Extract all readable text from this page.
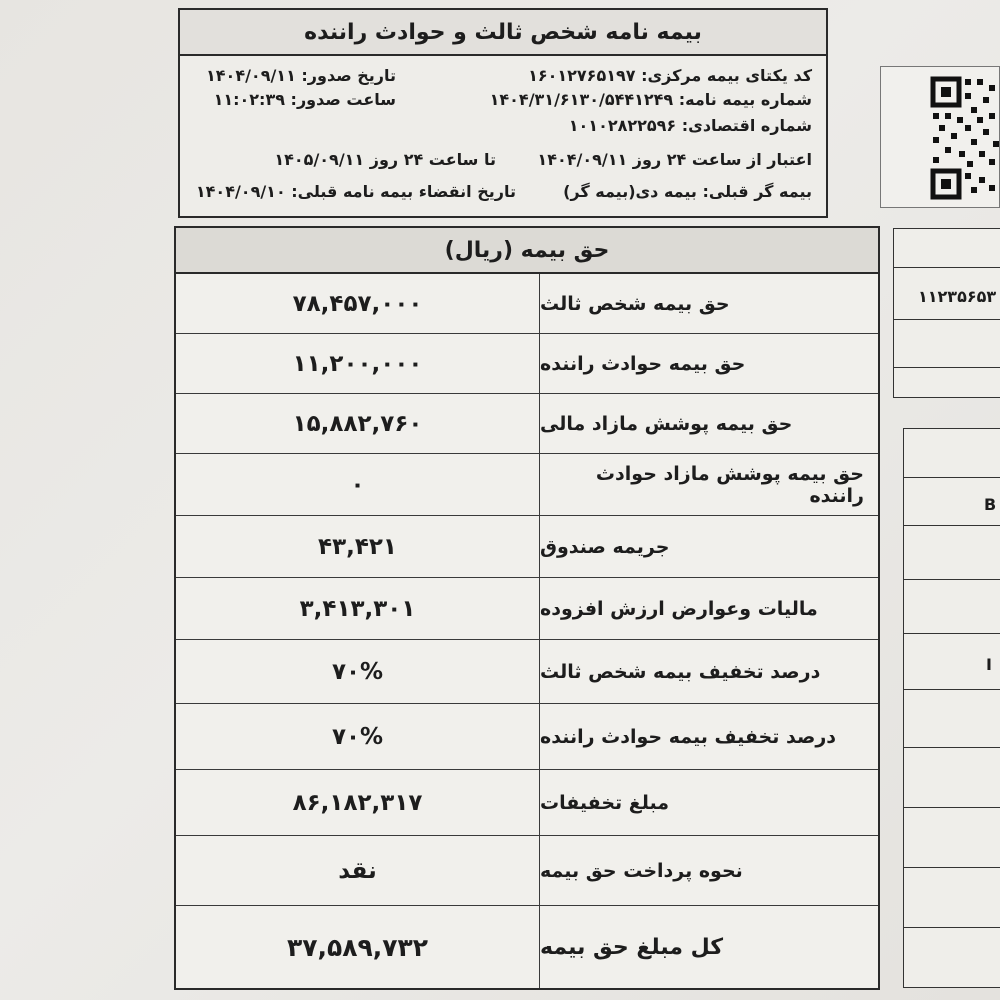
بیمه نامه شخص ثالث و حوادث راننده
کد یکتای بیمه مرکزی: ۱۶۰۱۲۷۶۵۱۹۷
تاریخ صدور: ۱۴۰۴/۰۹/۱۱
شماره بیمه نامه: ۱۴۰۴/۳۱/۶۱۳۰/۵۴۴۱۲۴۹
ساعت صدور: ۱۱:۰۲:۳۹
شماره اقتصادی: ۱۰۱۰۲۸۲۲۵۹۶
اعتبار از ساعت ۲۴ روز ۱۴۰۴/۰۹/۱۱
تا ساعت ۲۴ روز ۱۴۰۵/۰۹/۱۱
بیمه گر قبلی: بیمه دی(بیمه گر)
تاریخ انقضاء بیمه نامه قبلی: ۱۴۰۴/۰۹/۱۰
۱۱۲۳۵۶۵۳
B
I
حق بیمه (ریال)
۷۸,۴۵۷,۰۰۰	حق بیمه شخص ثالث
۱۱,۲۰۰,۰۰۰	حق بیمه حوادث راننده
۱۵,۸۸۲,۷۶۰	حق بیمه پوشش مازاد مالی
۰	حق بیمه پوشش مازاد حوادث راننده
۴۳,۴۲۱	جریمه صندوق
۳,۴۱۳,۳۰۱	مالیات وعوارض ارزش افزوده
۷۰%	درصد تخفیف بیمه شخص ثالث
۷۰%	درصد تخفیف بیمه حوادث راننده
۸۶,۱۸۲,۳۱۷	مبلغ تخفیفات
نقد	نحوه پرداخت حق بیمه
۳۷,۵۸۹,۷۳۲	کل مبلغ حق بیمه
